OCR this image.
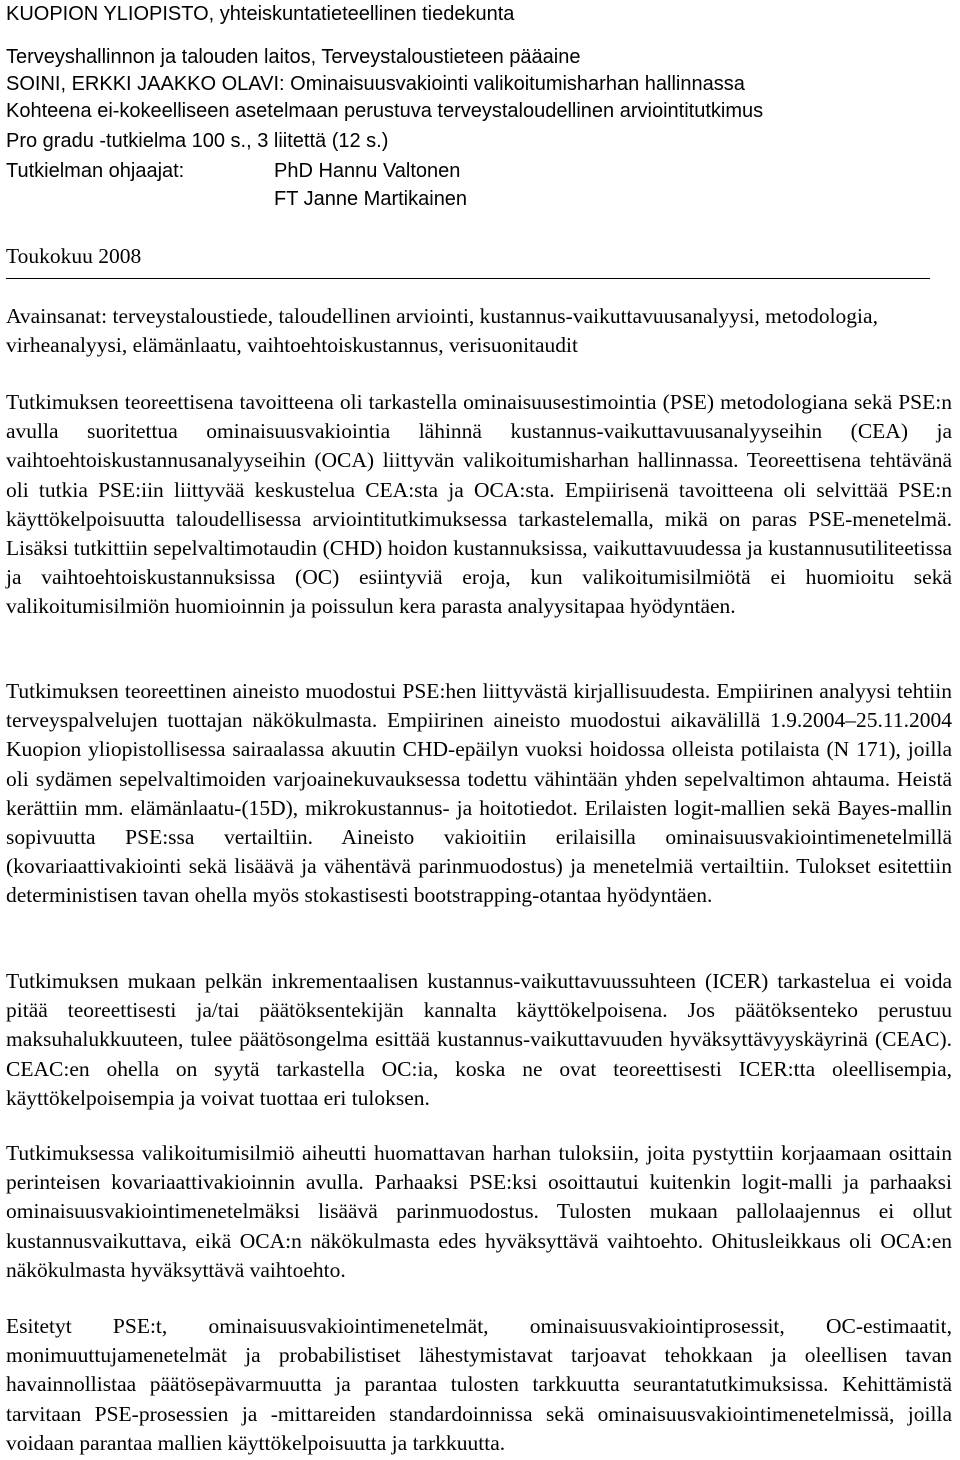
KUOPION YLIOPISTO, yhteiskuntatieteellinen tiedekunta
Terveyshallinnon ja talouden laitos, Terveystaloustieteen pääaine
SOINI, ERKKI JAAKKO OLAVI: Ominaisuusvakiointi valikoitumisharhan hallinnassa
Kohteena ei-kokeelliseen asetelmaan perustuva terveystaloudellinen arviointitutkimus
Pro gradu -tutkielma 100 s., 3 liitettä (12 s.)
Tutkielman ohjaajat:	PhD Hannu Valtonen
FT Janne Martikainen
Toukokuu 2008

Avainsanat: terveystaloustiede, taloudellinen arviointi, kustannus-vaikuttavuusanalyysi, metodologia, virheanalyysi, elämänlaatu, vaihtoehtoiskustannus, verisuonitaudit

Tutkimuksen teoreettisena tavoitteena oli tarkastella ominaisuusestimointia (PSE) metodologiana sekä PSE:n avulla suoritettua ominaisuusvakiointia lähinnä kustannus-vaikuttavuusanalyyseihin (CEA) ja vaihtoehtoiskustannusanalyyseihin (OCA) liittyvän valikoitumisharhan hallinnassa. Teoreettisena tehtävänä oli tutkia PSE:iin liittyvää keskustelua CEA:sta ja OCA:sta. Empiirisenä tavoitteena oli selvittää PSE:n käyttökelpoisuutta taloudellisessa arviointitutkimuksessa tarkastelemalla, mikä on paras PSE-menetelmä. Lisäksi tutkittiin sepelvaltimotaudin (CHD) hoidon kustannuksissa, vaikuttavuudessa ja kustannusutiliteetissa ja vaihtoehtoiskustannuksissa (OC) esiintyviä eroja, kun valikoitumisilmiötä ei huomioitu sekä valikoitumisilmiön huomioinnin ja poissulun kera parasta analyysitapaa hyödyntäen.

Tutkimuksen teoreettinen aineisto muodostui PSE:hen liittyvästä kirjallisuudesta. Empiirinen analyysi tehtiin terveyspalvelujen tuottajan näkökulmasta. Empiirinen aineisto muodostui aikavälillä 1.9.2004–25.11.2004 Kuopion yliopistollisessa sairaalassa akuutin CHD-epäilyn vuoksi hoidossa olleista potilaista (N 171), joilla oli sydämen sepelvaltimoiden varjoainekuvauksessa todettu vähintään yhden sepelvaltimon ahtauma. Heistä kerättiin mm. elämänlaatu-(15D), mikrokustannus- ja hoitotiedot. Erilaisten logit-mallien sekä Bayes-mallin sopivuutta PSE:ssa vertailtiin. Aineisto vakioitiin erilaisilla ominaisuusvakiointimenetelmillä (kovariaattivakiointi sekä lisäävä ja vähentävä parinmuodostus) ja menetelmiä vertailtiin. Tulokset esitettiin deterministisen tavan ohella myös stokastisesti bootstrapping-otantaa hyödyntäen.

Tutkimuksen mukaan pelkän inkrementaalisen kustannus-vaikuttavuussuhteen (ICER) tarkastelua ei voida pitää teoreettisesti ja/tai päätöksentekijän kannalta käyttökelpoisena. Jos päätöksenteko perustuu maksuhalukkuuteen, tulee päätösongelma esittää kustannus-vaikuttavuuden hyväksyttävyyskäyrinä (CEAC). CEAC:en ohella on syytä tarkastella OC:ia, koska ne ovat teoreettisesti ICER:tta oleellisempia, käyttökelpoisempia ja voivat tuottaa eri tuloksen.

Tutkimuksessa valikoitumisilmiö aiheutti huomattavan harhan tuloksiin, joita pystyttiin korjaamaan osittain perinteisen kovariaattivakioinnin avulla. Parhaaksi PSE:ksi osoittautui kuitenkin logit-malli ja parhaaksi ominaisuusvakiointimenetelmäksi lisäävä parinmuodostus. Tulosten mukaan pallolaajennus ei ollut kustannusvaikuttava, eikä OCA:n näkökulmasta edes hyväksyttävä vaihtoehto. Ohitusleikkaus oli OCA:en näkökulmasta hyväksyttävä vaihtoehto.

Esitetyt PSE:t, ominaisuusvakiointimenetelmät, ominaisuusvakiointiprosessit, OC-estimaatit, monimuuttujamenetelmät ja probabilistiset lähestymistavat tarjoavat tehokkaan ja oleellisen tavan havainnollistaa päätösepävarmuutta ja parantaa tulosten tarkkuutta seurantatutkimuksissa. Kehittämistä tarvitaan PSE-prosessien ja -mittareiden standardoinnissa sekä ominaisuusvakiointimenetelmissä, joilla voidaan parantaa mallien käyttökelpoisuutta ja tarkkuutta.
